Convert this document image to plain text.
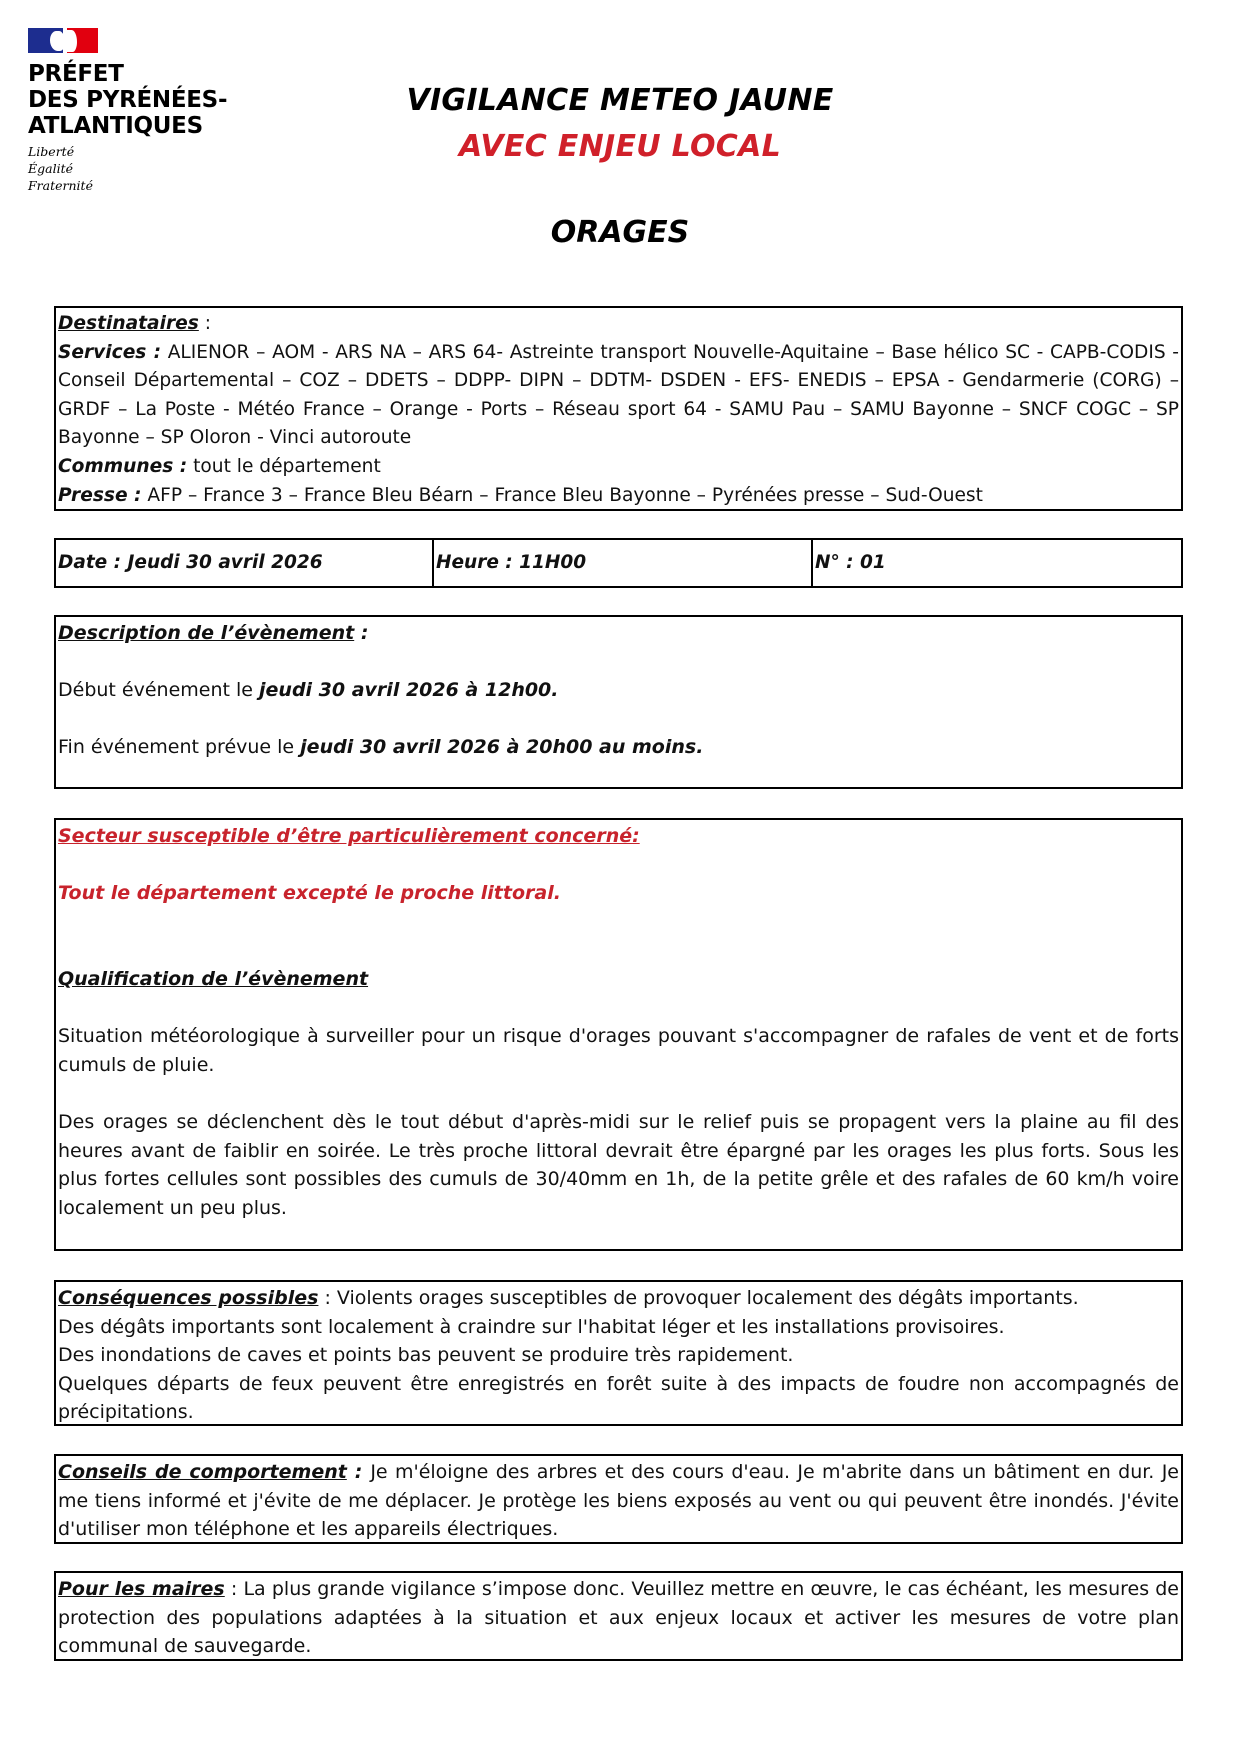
PRÉFET
DES PYRÉNÉES-
ATLANTIQUES
Liberté
Égalité
Fraternité
VIGILANCE METEO JAUNE
AVEC ENJEU LOCAL
ORAGES

Destinataires :

Services : ALIENOR – AOM - ARS NA – ARS 64- Astreinte transport Nouvelle-Aquitaine – Base hélico SC - CAPB-CODIS - Conseil Départemental – COZ – DDETS – DDPP- DIPN – DDTM- DSDEN - EFS- ENEDIS – EPSA - Gendarmerie (CORG) – GRDF – La Poste - Météo France – Orange - Ports – Réseau sport 64 - SAMU Pau – SAMU Bayonne – SNCF COGC – SP Bayonne – SP Oloron - Vinci autoroute

Communes : tout le département

Presse : AFP – France 3 – France Bleu Béarn – France Bleu Bayonne – Pyrénées presse – Sud-Ouest

Date : Jeudi 30 avril 2026	Heure : 11H00	N° : 01

Description de l’évènement :

Début événement le jeudi 30 avril 2026 à 12h00.

Fin événement prévue le jeudi 30 avril 2026 à 20h00 au moins.

Secteur susceptible d’être particulièrement concerné:

Tout le département excepté le proche littoral.

Qualification de l’évènement

Situation météorologique à surveiller pour un risque d'orages pouvant s'accompagner de rafales de vent et de forts cumuls de pluie.

Des orages se déclenchent dès le tout début d'après-midi sur le relief puis se propagent vers la plaine au fil des heures avant de faiblir en soirée. Le très proche littoral devrait être épargné par les orages les plus forts. Sous les plus fortes cellules sont possibles des cumuls de 30/40mm en 1h, de la petite grêle et des rafales de 60 km/h voire localement un peu plus.

Conséquences possibles : Violents orages susceptibles de provoquer localement des dégâts importants.

Des dégâts importants sont localement à craindre sur l'habitat léger et les installations provisoires.

Des inondations de caves et points bas peuvent se produire très rapidement.

Quelques départs de feux peuvent être enregistrés en forêt suite à des impacts de foudre non accompagnés de précipitations.

Conseils de comportement : Je m'éloigne des arbres et des cours d'eau. Je m'abrite dans un bâtiment en dur. Je me tiens informé et j'évite de me déplacer. Je protège les biens exposés au vent ou qui peuvent être inondés. J'évite d'utiliser mon téléphone et les appareils électriques.

Pour les maires : La plus grande vigilance s’impose donc. Veuillez mettre en œuvre, le cas échéant, les mesures de protection des populations adaptées à la situation et aux enjeux locaux et activer les mesures de votre plan communal de sauvegarde.
